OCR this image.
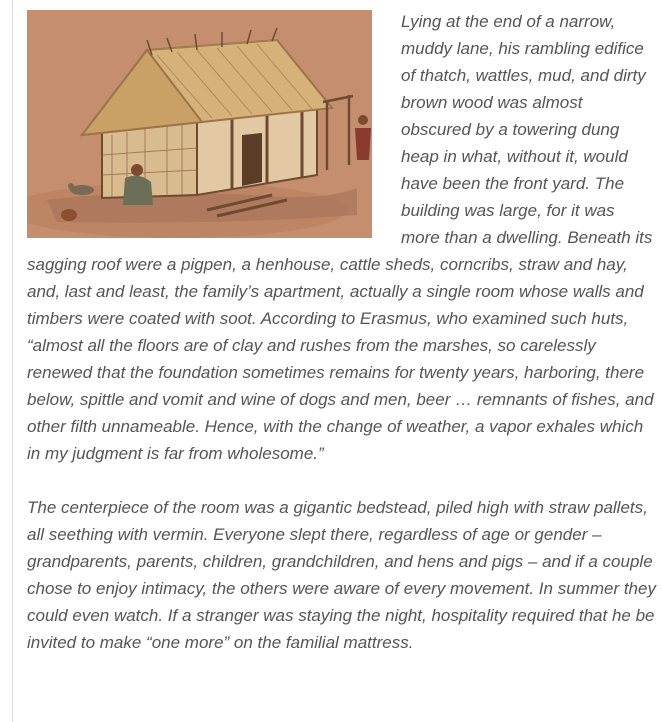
Lying at the end of a narrow, muddy lane, his rambling edifice of thatch, wattles, mud, and dirty brown wood was almost obscured by a towering dung heap in what, without it, would have been the front yard. The building was large, for it was more than a dwelling. Beneath its sagging roof were a pigpen, a henhouse, cattle sheds, corncribs, straw and hay, and, last and least, the family’s apartment, actually a single room whose walls and timbers were coated with soot. According to Erasmus, who examined such huts, “almost all the floors are of clay and rushes from the marshes, so carelessly renewed that the foundation sometimes remains for twenty years, harboring, there below, spittle and vomit and wine of dogs and men, beer … remnants of fishes, and other filth unnameable. Hence, with the change of weather, a vapor exhales which in my judgment is far from wholesome.”

The centerpiece of the room was a gigantic bedstead, piled high with straw pallets, all seething with vermin. Everyone slept there, regardless of age or gender – grandparents, parents, children, grandchildren, and hens and pigs – and if a couple chose to enjoy intimacy, the others were aware of every movement. In summer they could even watch. If a stranger was staying the night, hospitality required that he be invited to make “one more” on the familial mattress.
